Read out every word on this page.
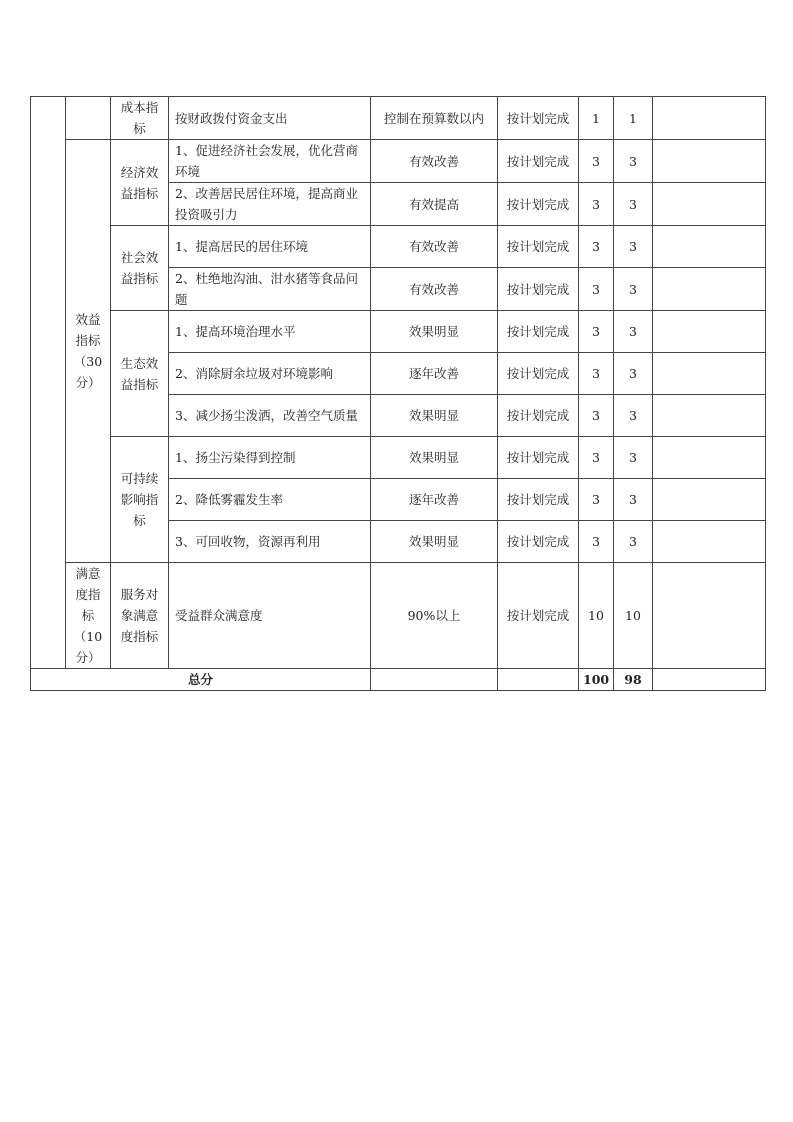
		成本指标	按财政拨付资金支出	控制在预算数以内	按计划完成	1	1	
	效益指标（30分）	经济效益指标	1、促进经济社会发展，优化营商环境	有效改善	按计划完成	3	3	
			2、改善居民居住环境，提高商业投资吸引力	有效提高	按计划完成	3	3	
		社会效益指标	1、提高居民的居住环境	有效改善	按计划完成	3	3	
			2、杜绝地沟油、泔水猪等食品问题	有效改善	按计划完成	3	3	
		生态效益指标	1、提高环境治理水平	效果明显	按计划完成	3	3	
			2、消除厨余垃圾对环境影响	逐年改善	按计划完成	3	3	
			3、减少扬尘泼洒，改善空气质量	效果明显	按计划完成	3	3	
		可持续影响指标	1、扬尘污染得到控制	效果明显	按计划完成	3	3	
			2、降低雾霾发生率	逐年改善	按计划完成	3	3	
			3、可回收物，资源再利用	效果明显	按计划完成	3	3	
	满意度指标（10分）	服务对象满意度指标	受益群众满意度	90%以上	按计划完成	10	10	
总分						100	98	
